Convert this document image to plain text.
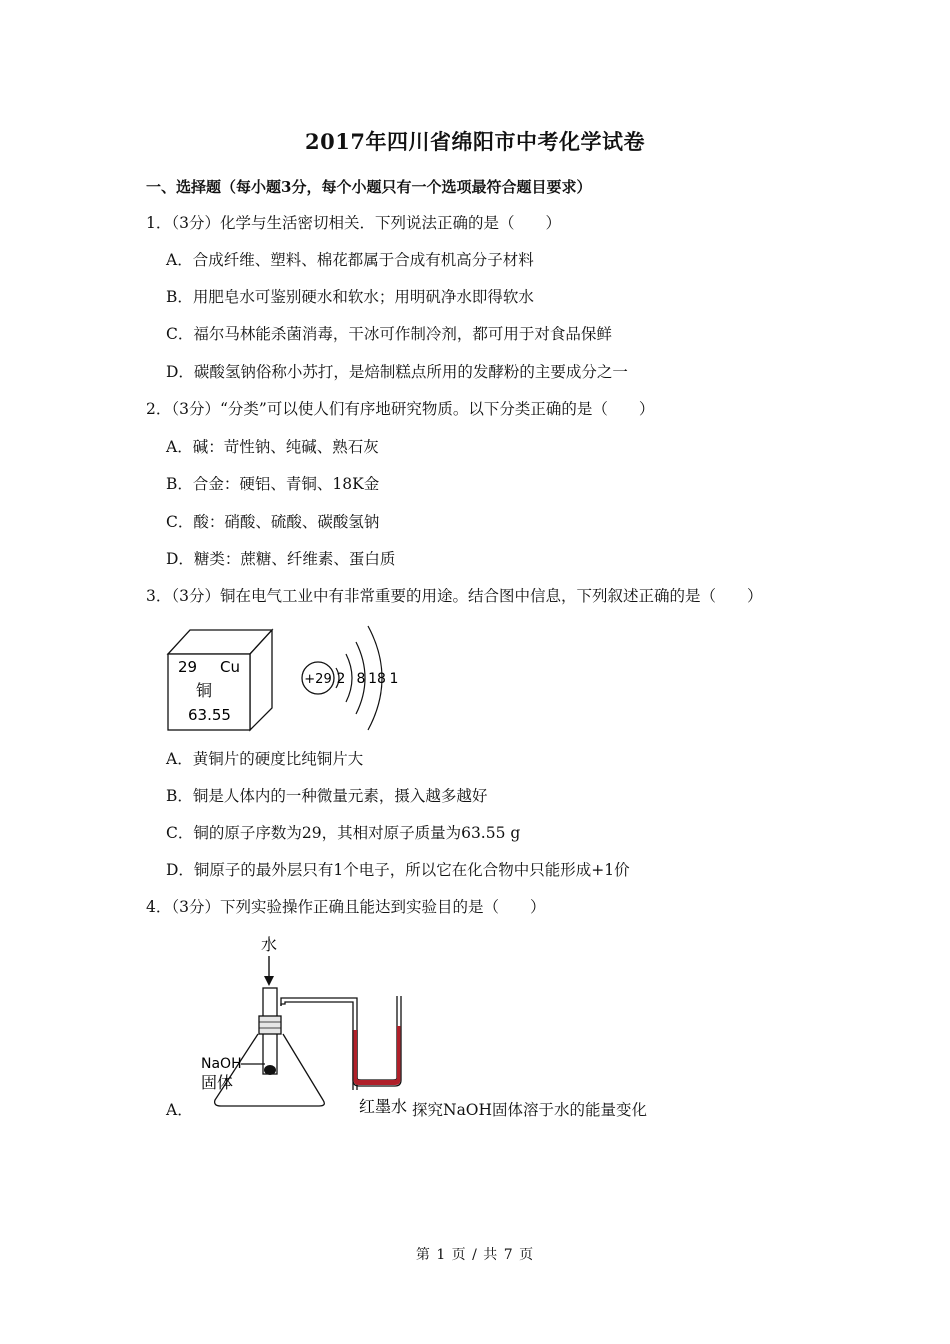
2017年四川省绵阳市中考化学试卷
一、选择题（每小题3分，每个小题只有一个选项最符合题目要求）
1．（3分）化学与生活密切相关．下列说法正确的是（　　）
A．合成纤维、塑料、棉花都属于合成有机高分子材料
B．用肥皂水可鉴别硬水和软水；用明矾净水即得软水
C．福尔马林能杀菌消毒，干冰可作制冷剂，都可用于对食品保鲜
D．碳酸氢钠俗称小苏打，是焙制糕点所用的发酵粉的主要成分之一
2．（3分）“分类”可以使人们有序地研究物质。以下分类正确的是（　　）
A．碱：苛性钠、纯碱、熟石灰
B．合金：硬铝、青铜、18K金
C．酸：硝酸、硫酸、碳酸氢钠
D．糖类：蔗糖、纤维素、蛋白质
3．（3分）铜在电气工业中有非常重要的用途。结合图中信息，下列叙述正确的是（　　）
29 Cu
铜
63.55
+29 2 8 18 1
A．黄铜片的硬度比纯铜片大
B．铜是人体内的一种微量元素，摄入越多越好
C．铜的原子序数为29，其相对原子质量为63.55 g
D．铜原子的最外层只有1个电子，所以它在化合物中只能形成+1价
4．（3分）下列实验操作正确且能达到实验目的是（　　）
A．
水
NaOH
固体
红墨水 探究NaOH固体溶于水的能量变化
第 1 页 / 共 7 页
